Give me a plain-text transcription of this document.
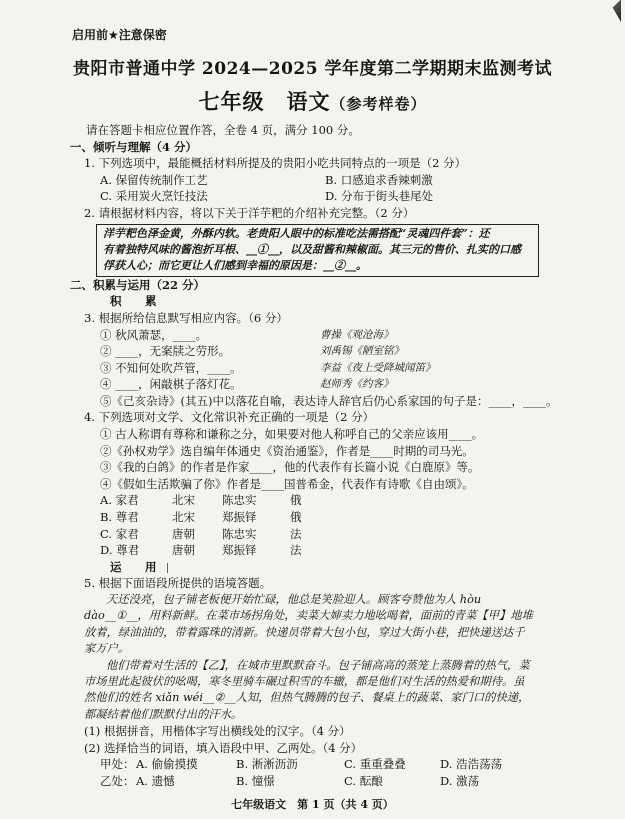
启用前★注意保密
贵阳市普通中学 2024—2025 学年度第二学期期末监测考试
七年级　语文（参考样卷）
请在答题卡相应位置作答，全卷 4 页，满分 100 分。
一、倾听与理解（4 分）
1. 下列选项中，最能概括材料所提及的贵阳小吃共同特点的一项是（2 分）
A. 保留传统制作工艺	B. 口感追求香辣刺激
C. 采用炭火烹饪技法	D. 分布于街头巷尾处
2. 请根据材料内容，将以下关于洋芋粑的介绍补充完整。（2 分）
洋芋粑色泽金黄，外酥内软。老贵阳人眼中的标准吃法需搭配“灵魂四件套”：还
有着独特风味的酱泡折耳根、__①__，以及甜酱和辣椒面。其三元的售价、扎实的口感
俘获人心；而它更让人们感到幸福的原因是：__②__。
二、积累与运用（22 分）
积　累
3. 根据所给信息默写相应内容。（6 分）
① 秋风萧瑟，____。	曹操《观沧海》
② ____，无案牍之劳形。	刘禹锡《陋室铭》
③ 不知何处吹芦管，____。	李益《夜上受降城闻笛》
④ ____，闲敲棋子落灯花。	赵师秀《约客》
⑤《己亥杂诗》(其五)中以落花自喻，表达诗人辞官后仍心系家国的句子是：____，____。
4. 下列选项对文学、文化常识补充正确的一项是（2 分）
① 古人称谓有尊称和谦称之分，如果要对他人称呼自己的父亲应该用____。
②《孙权劝学》选自编年体通史《资治通鉴》，作者是____时期的司马光。
③《我的白鸽》的作者是作家____，他的代表作有长篇小说《白鹿原》等。
④《假如生活欺骗了你》作者是____国普希金，代表作有诗歌《自由颂》。
A. 家君	北宋 陈忠实	俄
B. 尊君	北宋 郑振铎	俄
C. 家君	唐朝 陈忠实	法
D. 尊君	唐朝 郑振铎	法
运　用
5. 根据下面语段所提供的语境答题。
天还没亮，包子铺老板便开始忙碌，他总是笑脸迎人。顾客夸赞他为人 hòu dào__①__，用料新鲜。在菜市场拐角处，卖菜大婶卖力地吆喝着，面前的青菜【甲】地堆放着，绿油油的，带着露珠的清新。快递员带着大包小包，穿过大街小巷，把快递送达千家万户。
他们带着对生活的【乙】，在城市里默默奋斗。包子铺高高的蒸笼上蒸腾着的热气，菜市场里此起彼伏的吆喝，寒冬里骑车碾过积雪的车辙，都是他们对生活的热爱和期待。虽然他们的姓名 xiǎn wéi__②__人知，但热气腾腾的包子、餐桌上的蔬菜、家门口的快递，都凝结着他们默默付出的汗水。
(1) 根据拼音，用楷体字写出横线处的汉字。（4 分）
(2) 选择恰当的词语，填入语段中甲、乙两处。（4 分）
甲处： A. 偷偷摸摸	B. 淅淅沥沥	C. 重重叠叠	D. 浩浩荡荡
乙处： A. 遗憾	B. 憧憬	C. 酝酿	D. 激荡
七年级语文　第 1 页（共 4 页）
